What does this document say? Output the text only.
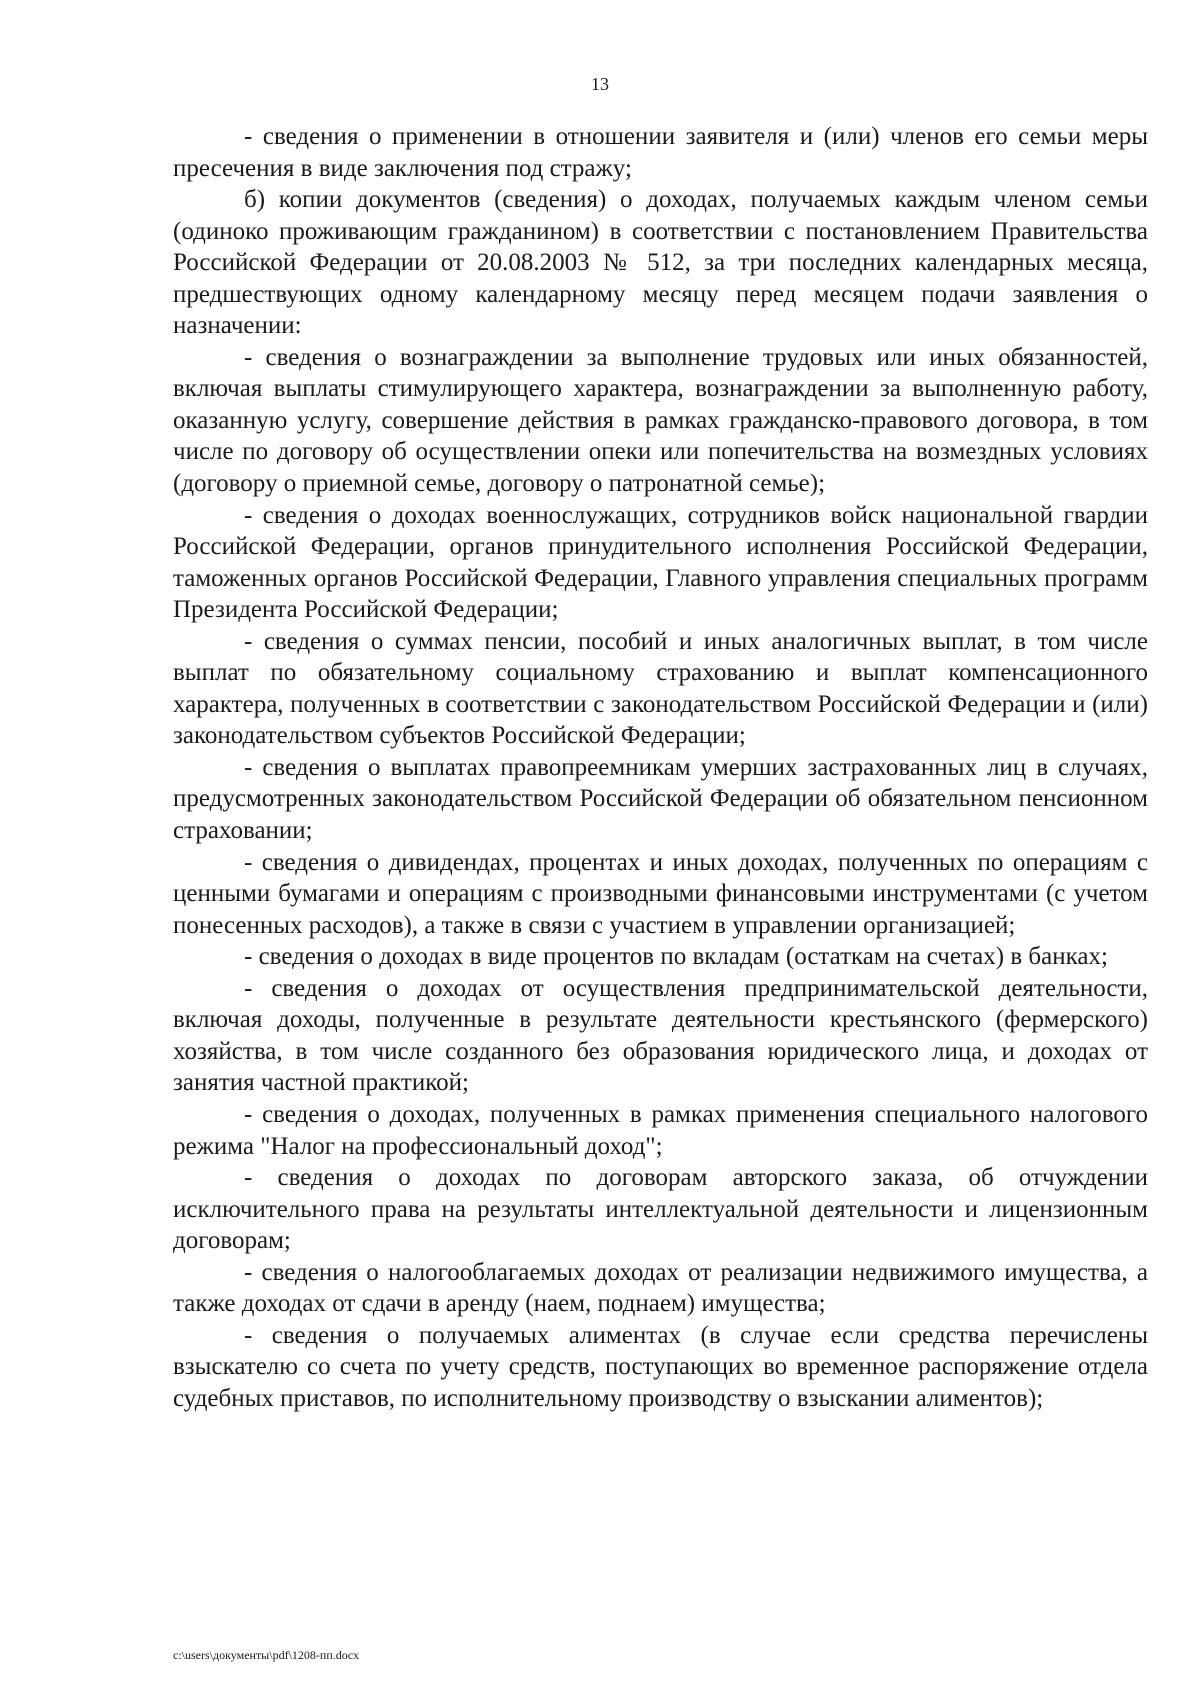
13

- сведения о применении в отношении заявителя и (или) членов его семьи меры пресечения в виде заключения под стражу;

б) копии документов (сведения) о доходах, получаемых каждым членом семьи (одиноко проживающим гражданином) в соответствии с постановлением Правительства Российской Федерации от 20.08.2003 № 512, за три последних календарных месяца, предшествующих одному календарному месяцу перед месяцем подачи заявления о назначении:

- сведения о вознаграждении за выполнение трудовых или иных обязанностей, включая выплаты стимулирующего характера, вознаграждении за выполненную работу, оказанную услугу, совершение действия в рамках гражданско-правового договора, в том числе по договору об осуществлении опеки или попечительства на возмездных условиях (договору о приемной семье, договору о патронатной семье);

- сведения о доходах военнослужащих, сотрудников войск национальной гвардии Российской Федерации, органов принудительного исполнения Российской Федерации, таможенных органов Российской Федерации, Главного управления специальных программ Президента Российской Федерации;

- сведения о суммах пенсии, пособий и иных аналогичных выплат, в том числе выплат по обязательному социальному страхованию и выплат компенсационного характера, полученных в соответствии с законодательством Российской Федерации и (или) законодательством субъектов Российской Федерации;

- сведения о выплатах правопреемникам умерших застрахованных лиц в случаях, предусмотренных законодательством Российской Федерации об обязательном пенсионном страховании;

- сведения о дивидендах, процентах и иных доходах, полученных по операциям с ценными бумагами и операциям с производными финансовыми инструментами (с учетом понесенных расходов), а также в связи с участием в управлении организацией;

- сведения о доходах в виде процентов по вкладам (остаткам на счетах) в банках;

- сведения о доходах от осуществления предпринимательской деятельности, включая доходы, полученные в результате деятельности крестьянского (фермерского) хозяйства, в том числе созданного без образования юридического лица, и доходах от занятия частной практикой;

- сведения о доходах, полученных в рамках применения специального налогового режима "Налог на профессиональный доход";

- сведения о доходах по договорам авторского заказа, об отчуждении исключительного права на результаты интеллектуальной деятельности и лицензионным договорам;

- сведения о налогооблагаемых доходах от реализации недвижимого имущества, а также доходах от сдачи в аренду (наем, поднаем) имущества;

- сведения о получаемых алиментах (в случае если средства перечислены взыскателю со счета по учету средств, поступающих во временное распоряжение отдела судебных приставов, по исполнительному производству о взыскании алиментов);

c:\users\документы\pdf\1208-пп.docx
